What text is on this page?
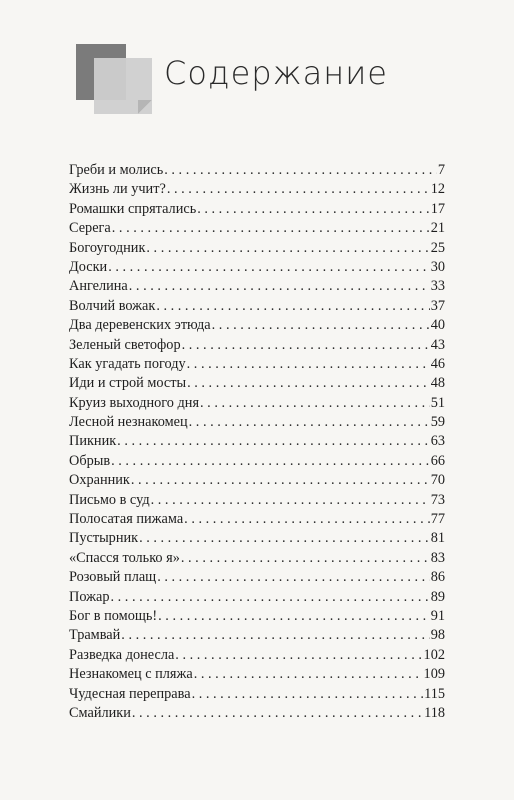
Содержание
Греби и молись . . .	7
Жизнь ли учит? . . .	12
Ромашки спрятались . . .	17
Серега . . .	21
Богоугодник . . .	25
Доски . . .	30
Ангелина . . .	33
Волчий вожак . . .	37
Два деревенских этюда . . .	40
Зеленый светофор . . .	43
Как угадать погоду . . .	46
Иди и строй мосты . . .	48
Круиз выходного дня . . .	51
Лесной незнакомец . . .	59
Пикник . . .	63
Обрыв . . .	66
Охранник . . .	70
Письмо в суд . . .	73
Полосатая пижама . . .	77
Пустырник . . .	81
«Спасся только я» . . .	83
Розовый плащ . . .	86
Пожар . . .	89
Бог в помощь! . . .	91
Трамвай . . .	98
Разведка донесла . . .	102
Незнакомец с пляжа . . .	109
Чудесная переправа . . .	115
Смайлики . . .	118
